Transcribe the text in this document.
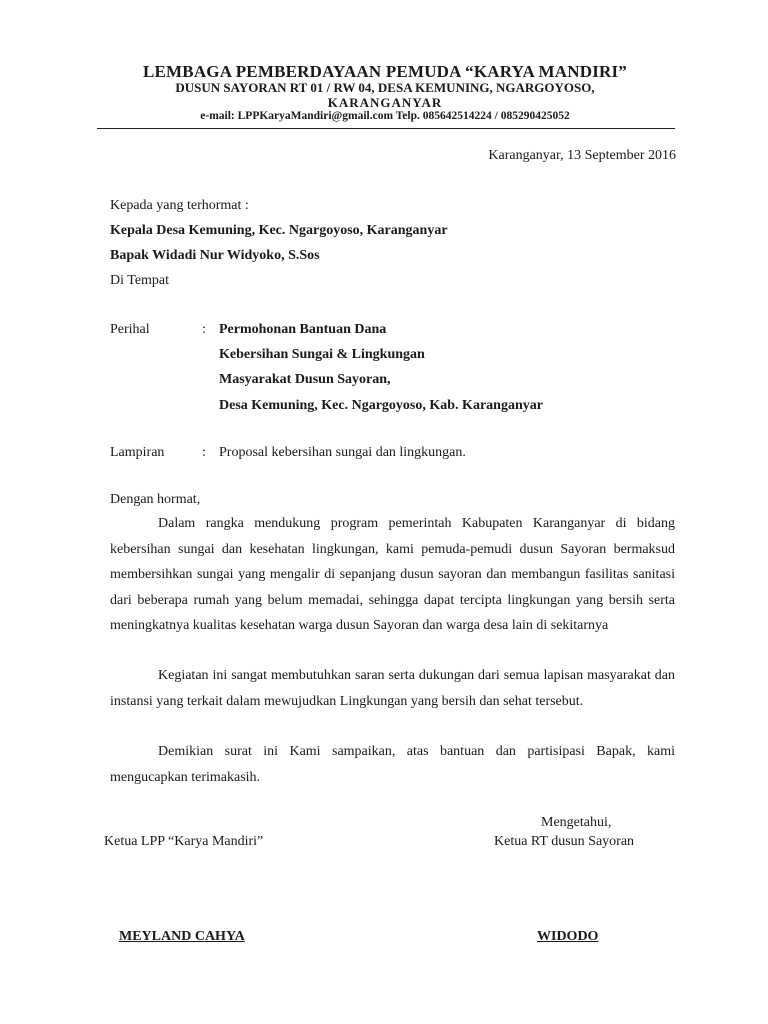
LEMBAGA PEMBERDAYAAN PEMUDA “KARYA MANDIRI”
DUSUN SAYORAN RT 01 / RW 04, DESA KEMUNING, NGARGOYOSO,
KARANGANYAR
e-mail: LPPKaryaMandiri@gmail.com Telp. 085642514224 / 085290425052
Karanganyar, 13 September 2016
Kepada yang terhormat :
Kepala Desa Kemuning, Kec. Ngargoyoso, Karanganyar
Bapak Widadi Nur Widyoko, S.Sos
Di Tempat
Perihal	: Permohonan Bantuan Dana
Kebersihan Sungai & Lingkungan
Masyarakat Dusun Sayoran,
Desa Kemuning, Kec. Ngargoyoso, Kab. Karanganyar
Lampiran	: Proposal kebersihan sungai dan lingkungan.
Dengan hormat,
Dalam rangka mendukung program pemerintah Kabupaten Karanganyar di bidang kebersihan sungai dan kesehatan lingkungan, kami pemuda-pemudi dusun Sayoran bermaksud membersihkan sungai yang mengalir di sepanjang dusun sayoran dan membangun fasilitas sanitasi dari beberapa rumah yang belum memadai, sehingga dapat tercipta lingkungan yang bersih serta meningkatnya kualitas kesehatan warga dusun Sayoran dan warga desa lain di sekitarnya
Kegiatan ini sangat membutuhkan saran serta dukungan dari semua lapisan masyarakat dan instansi yang terkait dalam mewujudkan Lingkungan yang bersih dan sehat tersebut.
Demikian surat ini Kami sampaikan, atas bantuan dan partisipasi Bapak, kami mengucapkan terimakasih.
Mengetahui,
Ketua LPP “Karya Mandiri”	Ketua RT dusun Sayoran
MEYLAND CAHYA	WIDODO
